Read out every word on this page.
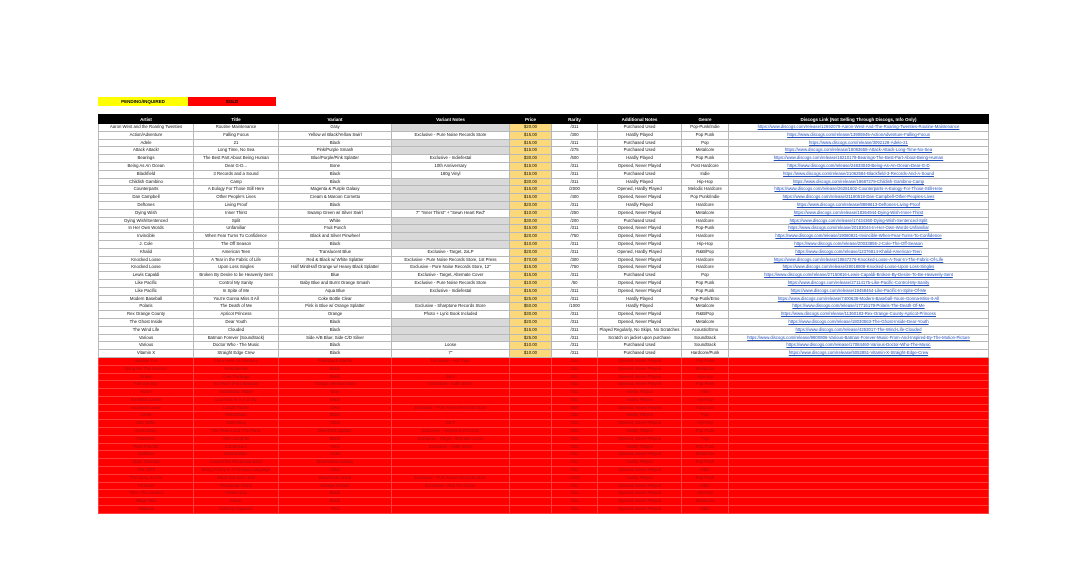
PENDING/INQUIRED	SOLD
Artist	Title	Variant	Variant Notes	Price	Rarity	Additional Notes	Genre	Discogs Link (Not Selling Through Discogs, Info Only)
Aaron West and the Roaring Twenties	Routine Maintenance	Gray		$20.00	/311	Purchased Used	Pop-Punk/Indie	https://www.discogs.com/release/12692079-Aaron-West-And-The-Roaring-Twenties-Routine-Maintenance
Action/Adventure	Falling Focus	Yellow w/ Black/Yellow Swirl	Exclusive - Pure Noise Records Store	$15.00	/300	Hardly Played	Pop Punk	https://www.discogs.com/release/13905945-ActionAdventure-Falling-Focus
Adele	21	Black		$15.00	/311	Purchased Used	Pop	https://www.discogs.com/release/3092128-Adele-21
Attack Attack!	Long Time, No Sea	Pink/Purple Smash		$15.00	/275	Purchased Used	Metalcore	https://www.discogs.com/release/18083658-Attack-Attack-Long-Time-No-Sea
Bearings	The Best Part About Being Human	Blue/Purple/Pink Splatter	Exclusive - Indiefestal	$30.00	/500	Hardly Played	Pop Punk	https://www.discogs.com/release/18210178-Bearings-The-Best-Part-About-Being-Human
Being As An Ocean	Dear G-D...	Bone	10th Anniversary	$15.00	/311	Opened, Never Played	Post Hardcore	https://www.discogs.com/release/24833040-Being-As-An-Ocean-Dear-G-D
Blackfield	3 Records and a Sound	Black	180g Vinyl	$15.00	/311	Purchased Used	Indie	https://www.discogs.com/release/21062584-Blackfield-3-Records-And-A-Sound
Childish Gambino	Camp	Black		$30.00	/311	Hardly Played	Hip-Hop	https://www.discogs.com/release/19687279-Childish-Gambino-Camp
Counterparts	A Eulogy For Those Still Here	Magenta & Purple Galaxy		$15.00	/2000	Opened, Hardly Played	Melodic Hardcore	https://www.discogs.com/release/26281602-Counterparts-A-Eulogy-For-Those-Still-Here
Dan Campbell	Other People's Lives	Cream & Maroon Cornetto		$15.00	/400	Opened, Never Played	Pop Punk/Indie	https://www.discogs.com/release/21180518-Dan-Campbell-Other-Peoples-Lives
Deftones	Living Proof	Black		$20.00	/311	Hardly Played	Hardcore	https://www.discogs.com/release/8898613-Deftones-Living-Proof
Dying Wish	Inner Thirst	Swamp Green w/ Silver Swirl	7" "Inner Thirst" + "Sewn Heart Red"	$10.00	/250	Opened, Never Played	Metalcore	https://www.discogs.com/release/18364944-Dying-Wish-Inner-Thirst
Dying Wish/Sentenced	Split	White		$30.00	/200	Purchased Used	Hardcore	https://www.discogs.com/release/17434360-Dying-Wish-Sentenced-Split
In Her Own Words	Unfamiliar	Fruit Punch		$15.00	/311	Opened, Never Played	Pop-Punk	https://www.discogs.com/release/20183044-In-Her-Own-Words-Unfamiliar
Invincible	When Fear Turns To Confidence	Black and Silver Pinwheel		$20.00	/750	Opened, Never Played	Hardcore	https://www.discogs.com/release/19060821-Invincible-When-Fear-Turns-To-Confidence
J. Cole	The Off Season	Black		$10.00	/311	Opened, Never Played	Hip-Hop	https://www.discogs.com/release/20033855-J-Cole-The-Off-Season
Khalid	American Teen	Translucent Blue	Exclusive - Target, 2xLP	$20.00	/311	Opened, Hardly Played	R&B/Pop	https://www.discogs.com/release/12376814-Khalid-American-Teen
Knocked Loose	A Tear in the Fabric of Life	Red & Black w/ White Splatter	Exclusive - Pure Noise Records Store, 1st Press	$70.00	/300	Opened, Never Played	Hardcore	https://www.discogs.com/release/19847276-Knocked-Loose-A-Tear-In-The-Fabric-Of-Life
Knocked Loose	Upon Loss Singles	Half Mint/Half Orange w/ Heavy Black Splatter	Exclusive - Pure Noise Records Store, 12"	$15.00	/750	Opened, Never Played	Hardcore	https://www.discogs.com/release/28018808-Knocked-Loose-Upon-Loss-Singles
Lewis Capaldi	Broken By Desire to be Heavenly Sent	Blue	Exclusive - Target, Alternate Cover	$15.00	/311	Purchased Used	Pop	https://www.discogs.com/release/27150816-Lewis-Capaldi-Broken-By-Desire-To-Be-Heavenly-Sent
Like Pacific	Control My Sanity	Baby Blue and Burnt Orange Smash	Exclusive - Pure Noise Records Store	$10.00	/50	Opened, Never Played	Pop Punk	https://www.discogs.com/release/27114175-Like-Pacific-Control-My-Sanity
Like Pacific	In Spite of Me	Aqua Blue	Exclusive - Indiefestal	$15.00	/311	Opened, Never Played	Pop Punk	https://www.discogs.com/release/19458464-Like-Pacific-In-Spite-Of-Me
Modern Baseball	You're Gonna Miss It All	Coke Bottle Clear		$25.00	/311	Hardly Played	Pop-Punk/Emo	https://www.discogs.com/release/7400636-Modern-Baseball-Youre-Gonna-Miss-It-All
Polaris	The Death of Me	Pink in Blue w/ Orange Splatter	Exclusive - Sharptone Records Store	$50.00	/1000	Hardly Played	Metalcore	https://www.discogs.com/release/17716178-Polaris-The-Death-Of-Me
Rex Orange County	Apricot Princess	Orange	Photo + Lyric Book Included	$30.00	/311	Opened, Never Played	R&B/Pop	https://www.discogs.com/release/11360183-Rex-Orange-County-Apricot-Princess
The Ghost Inside	Dear Youth	Black		$20.00	/311	Opened, Never Played	Metalcore	https://www.discogs.com/release/18030563-The-Ghost-Inside-Dear-Youth
The Wind Life	Clouded	Black		$15.00	/311	Played Regularly, No Skips, No Scratches	Acoustic/Emo	https://www.discogs.com/release/4253017-The-Wind-Life-Clouded
Various	Batman Forever (Soundtrack)	Side A/B Blue; Side C/D Silver		$25.00	/311	Scratch on jacket upon purchase	Soundtrack	https://www.discogs.com/release/9800806-Various-Batman-Forever-Music-From-And-Inspired-By-The-Motion-Picture
Various	Doctor Who - The Music	Black	Loose	$10.00	/311	Purchased Used	Soundtrack	https://www.discogs.com/release/17084460-Various-Doctor-Who-The-Music
Vitamin X	Straight Edge Crew	Black	7"	$10.00	/311	Purchased Used	Hardcore/Punk	https://www.discogs.com/release/5052851-Vitamin-X-Straight-Edge-Crew
Alkaline Trio	From Here To Infirmary	Pink/Black Marble	Exclusive - Hot Topic		/311	Opened, Never Played	Pop Punk	
Bring Me The Horizon	Sempiternal	Black			/311	Opened, Never Played	Metalcore	
Drake	Care Package	Black	2xLP		/311	Opened, Never Played	Hip-Hop	
Fall Out Boy	So Much (For) Stardust	Orange Sherbet Swirl	Exclusive - Indie Store		/311	Opened, Never Played	Pop Punk	
Hozier	Wasteland, Baby!	Blue			/311	Hardly Played	Indie	
Kendrick Lamar	good kid, m.A.A.d city	Black			/311	Hardly Played	Hip-Hop	
Knocked Loose	Laugh Tracks	Clear	Exclusive - Pure Noise Records Store		/500	Opened, Never Played	Hardcore	
Lorde	Melodrama	Black			/311	Hardly Played	Pop	
Mac Miller	Swimming	Clear	2xLP		/311	Opened, Never Played	Hip-Hop	
Neck Deep	The Peace and The Panic	Blue/Red Splatter	Exclusive - Hopeless Records		/500	Hardly Played	Pop Punk	
Paramore	After Laughter	Black	Exclusive - Target, Alternate Cover		/311	Opened, Never Played	Pop	
Real Friends	Composure	Red	Exclusive - Indie Store		/311	Hardly Played	Pop Punk	
Spiritbox	Eternal Blue	Violet			/311	Opened, Never Played	Metalcore	
State Champs	Around the World and Back	Blue/Yellow Galaxy			/311	Hardly Played	Pop Punk	
The 1975	Being Funny In A Foreign Language	Clear			/311	Opened, Never Played	Indie	
The Story So Far	What You Don't See	Blue/Green Swirl	Exclusive - Pure Noise Records Store		/1000	Hardly Played	Pop Punk	
Turnover	Peripheral Vision	Orange Smash	Exclusive - Run For Cover		/311	Opened, Never Played	Indie	
Tyler, The Creator	Flower Boy	Black			/311	Opened, Never Played	Hip-Hop	
Wage War	Manic	Black			/311	Opened, Never Played	Metalcore	
Wallows	Nothing Happens	Red			/311	Opened, Never Played	Indie	
